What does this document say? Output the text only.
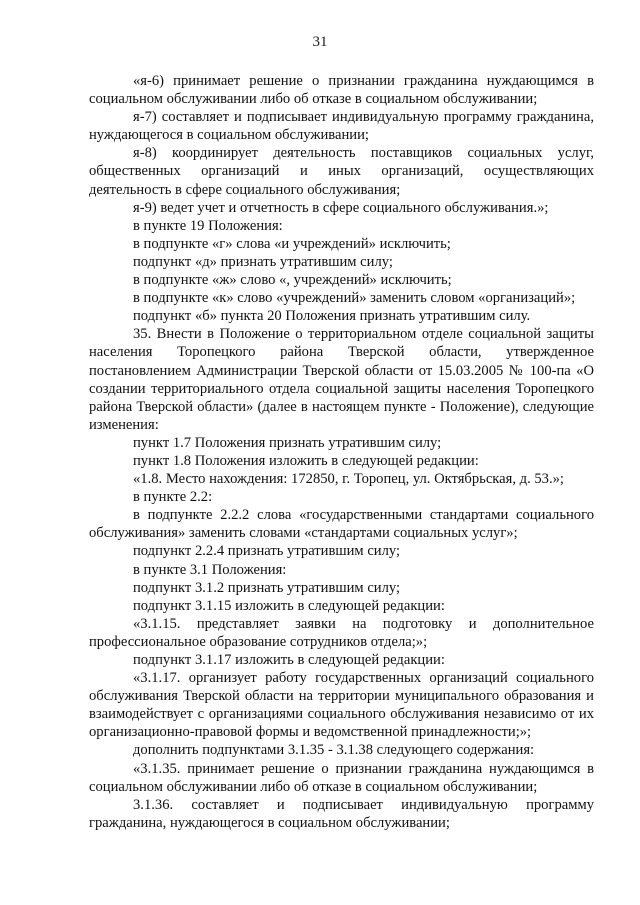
31

«я-6) принимает решение о признании гражданина нуждающимся в социальном обслуживании либо об отказе в социальном обслуживании;

я-7) составляет и подписывает индивидуальную программу гражданина, нуждающегося в социальном обслуживании;

я-8) координирует деятельность поставщиков социальных услуг, общественных организаций и иных организаций, осуществляющих деятельность в сфере социального обслуживания;

я-9) ведет учет и отчетность в сфере социального обслуживания.»;

в пункте 19 Положения:

в подпункте «г» слова «и учреждений» исключить;

подпункт «д» признать утратившим силу;

в подпункте «ж» слово «, учреждений» исключить;

в подпункте «к» слово «учреждений» заменить словом «организаций»;

подпункт «б» пункта 20 Положения признать утратившим силу.

35. Внести в Положение о территориальном отделе социальной защиты населения Торопецкого района Тверской области, утвержденное постановлением Администрации Тверской области от 15.03.2005 № 100-па «О создании территориального отдела социальной защиты населения Торопецкого района Тверской области» (далее в настоящем пункте - Положение), следующие изменения:

пункт 1.7 Положения признать утратившим силу;

пункт 1.8 Положения изложить в следующей редакции:

«1.8. Место нахождения: 172850, г. Торопец, ул. Октябрьская, д. 53.»;

в пункте 2.2:

в подпункте 2.2.2 слова «государственными стандартами социального обслуживания» заменить словами «стандартами социальных услуг»;

подпункт 2.2.4 признать утратившим силу;

в пункте 3.1 Положения:

подпункт 3.1.2 признать утратившим силу;

подпункт 3.1.15 изложить в следующей редакции:

«3.1.15. представляет заявки на подготовку и дополнительное профессиональное образование сотрудников отдела;»;

подпункт 3.1.17 изложить в следующей редакции:

«3.1.17. организует работу государственных организаций социального обслуживания Тверской области на территории муниципального образования и взаимодействует с организациями социального обслуживания независимо от их организационно-правовой формы и ведомственной принадлежности;»;

дополнить подпунктами 3.1.35 - 3.1.38 следующего содержания:

«3.1.35. принимает решение о признании гражданина нуждающимся в социальном обслуживании либо об отказе в социальном обслуживании;

3.1.36. составляет и подписывает индивидуальную программу гражданина, нуждающегося в социальном обслуживании;
